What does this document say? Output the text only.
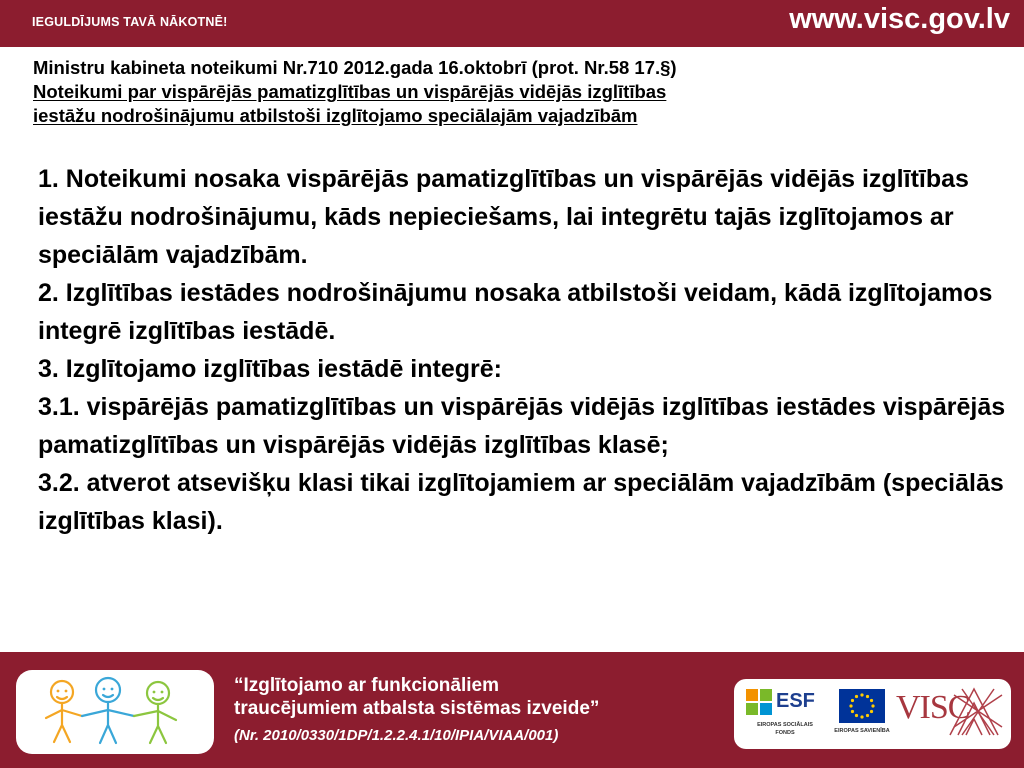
IEGULDĪJUMS TAVĀ NĀKOTNĒ!	www.visc.gov.lv
Ministru kabineta noteikumi Nr.710 2012.gada 16.oktobrī (prot. Nr.58 17.§)
Noteikumi par vispārējās pamatizglītības un vispārējās vidējās izglītības
iestāžu nodrošinājumu atbilstoši izglītojamo speciālajām vajadzībām

1. Noteikumi nosaka vispārējās pamatizglītības un vispārējās vidējās izglītības iestāžu nodrošinājumu, kāds nepieciešams, lai integrētu tajās izglītojamos ar speciālām vajadzībām.

2. Izglītības iestādes nodrošinājumu nosaka atbilstoši veidam, kādā izglītojamos integrē izglītības iestādē.

3. Izglītojamo izglītības iestādē integrē:

3.1. vispārējās pamatizglītības un vispārējās vidējās izglītības iestādes vispārējās pamatizglītības un vispārējās vidējās izglītības klasē;

3.2. atverot atsevišķu klasi tikai izglītojamiem ar speciālām vajadzībām (speciālās izglītības klasi).

“Izglītojamo ar funkcionāliem
traucējumiem atbalsta sistēmas izveide”
(Nr. 2010/0330/1DP/1.2.2.4.1/10/IPIA/VIAA/001)
ESF
EIROPAS SOCIĀLAIS
FONDS	EIROPAS SAVIENĪBA
VISC
